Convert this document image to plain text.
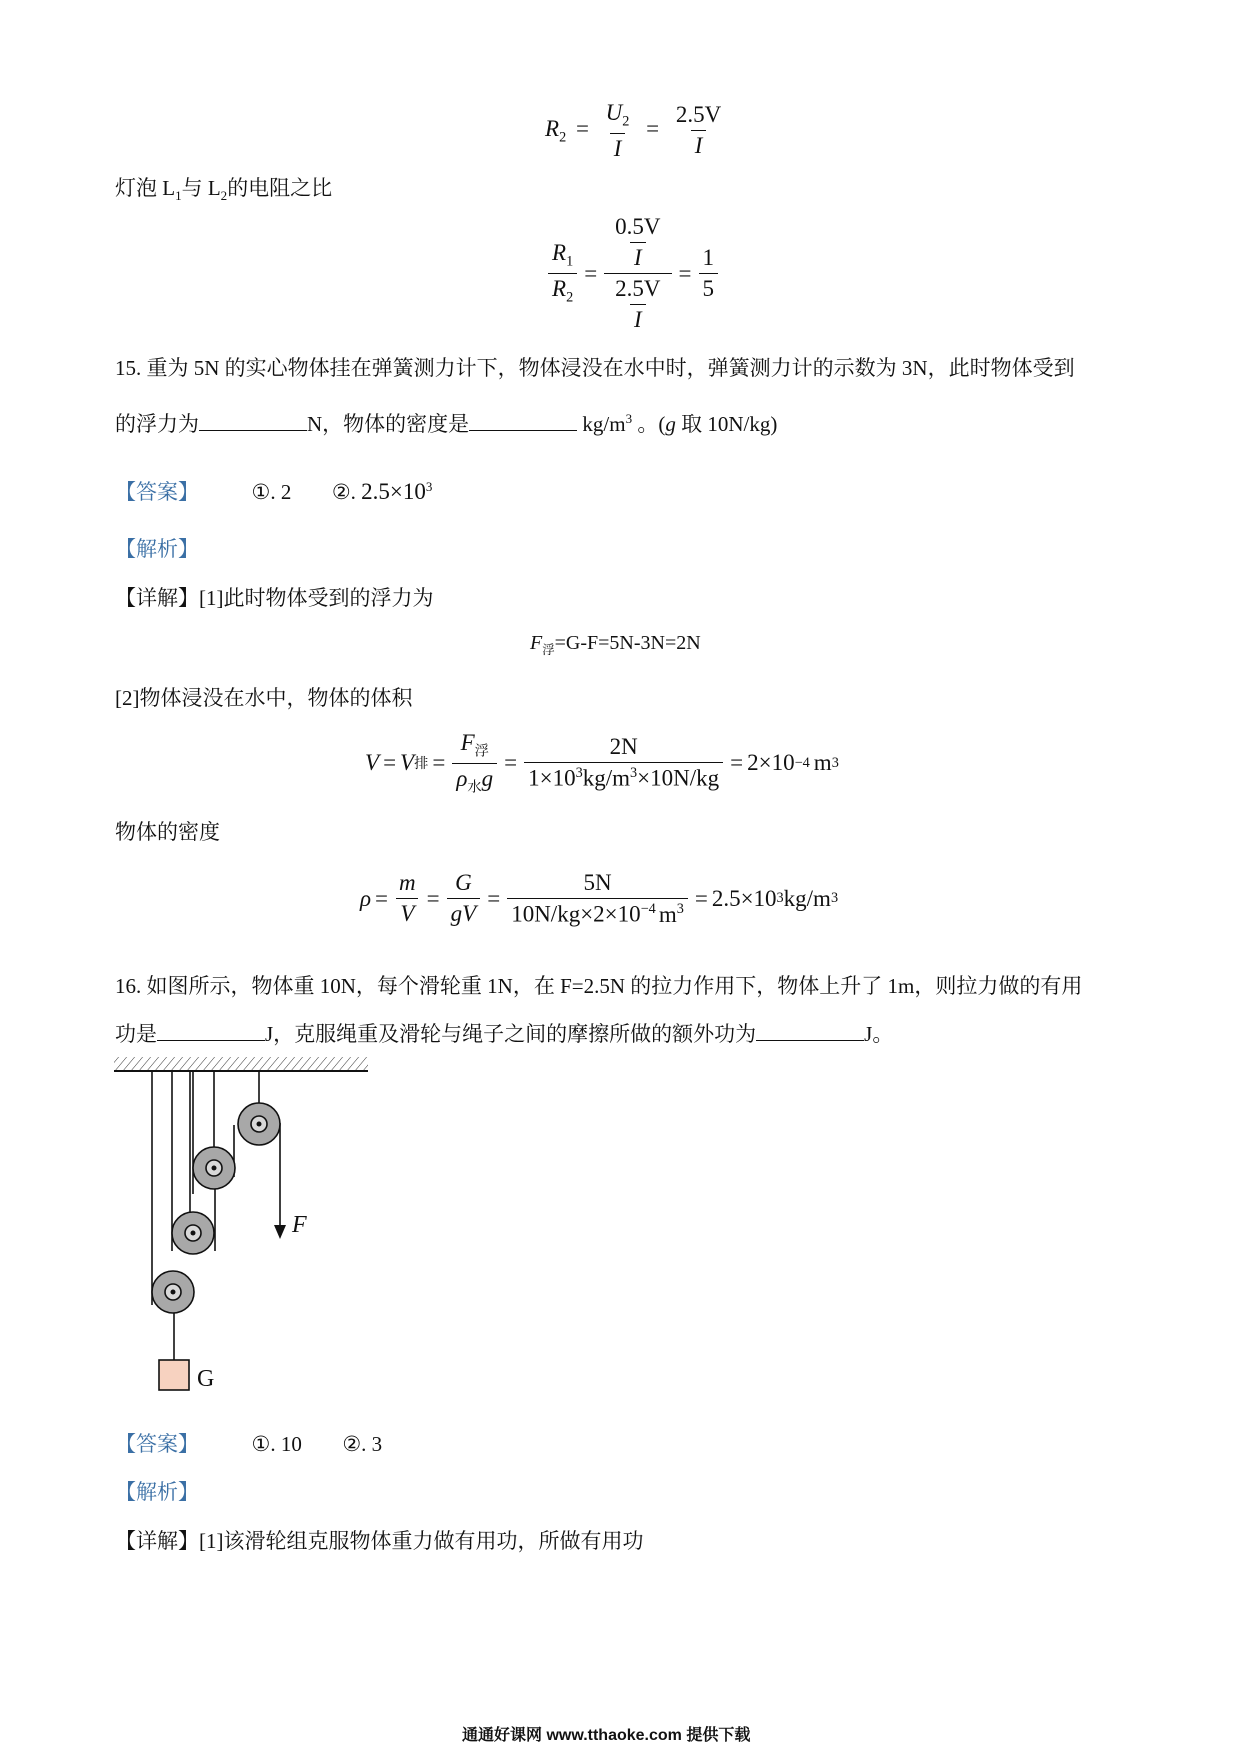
$R_2 = \frac{U_2}{I} = \frac{2.5V}{I}$
灯泡 $L_1$与 $L_2$的电阻之比
$\frac{R_1}{R_2} = \frac{\frac{0.5V}{I}}{\frac{2.5V}{I}} = \frac{1}{5}$
15. 重为 5N 的实心物体挂在弹簧测力计下，物体浸没在水中时，弹簧测力计的示数为 3N，此时物体受到
的浮力为	N，物体的密度是	$kg/m^3$ 。(g 取 10N/kg)
【答案】	①. 2 ②. $2.5\times 10^3$
【解析】
【详解】[1]此时物体受到的浮力为
$F_浮=G-F=5N-3N=2N$
[2]物体浸没在水中，物体的体积
V = V 排 = $\frac{F_浮}{\rho_水g} = \frac{2N}{1\times 10^3kg/m^3\times 10N/kg} = 2\times 10 -4$ m 3
物体的密度
$\rho = \frac{m}{V} = \frac{G}{gV} = \frac{5N}{10N/kg\times 2\times 10^{-4} m^3} = 2.5\times 10$ 3 kg/m 3
16. 如图所示，物体重 10N，每个滑轮重 1N，在 F=2.5N 的拉力作用下，物体上升了 1m，则拉力做的有用
功是	J，克服绳重及滑轮与绳子之间的摩擦所做的额外功为	J。
F
G
【答案】	①. 10 ②. 3
【解析】
【详解】[1]该滑轮组克服物体重力做有用功，所做有用功
通通好课网 www.tthaoke.com 提供下载
